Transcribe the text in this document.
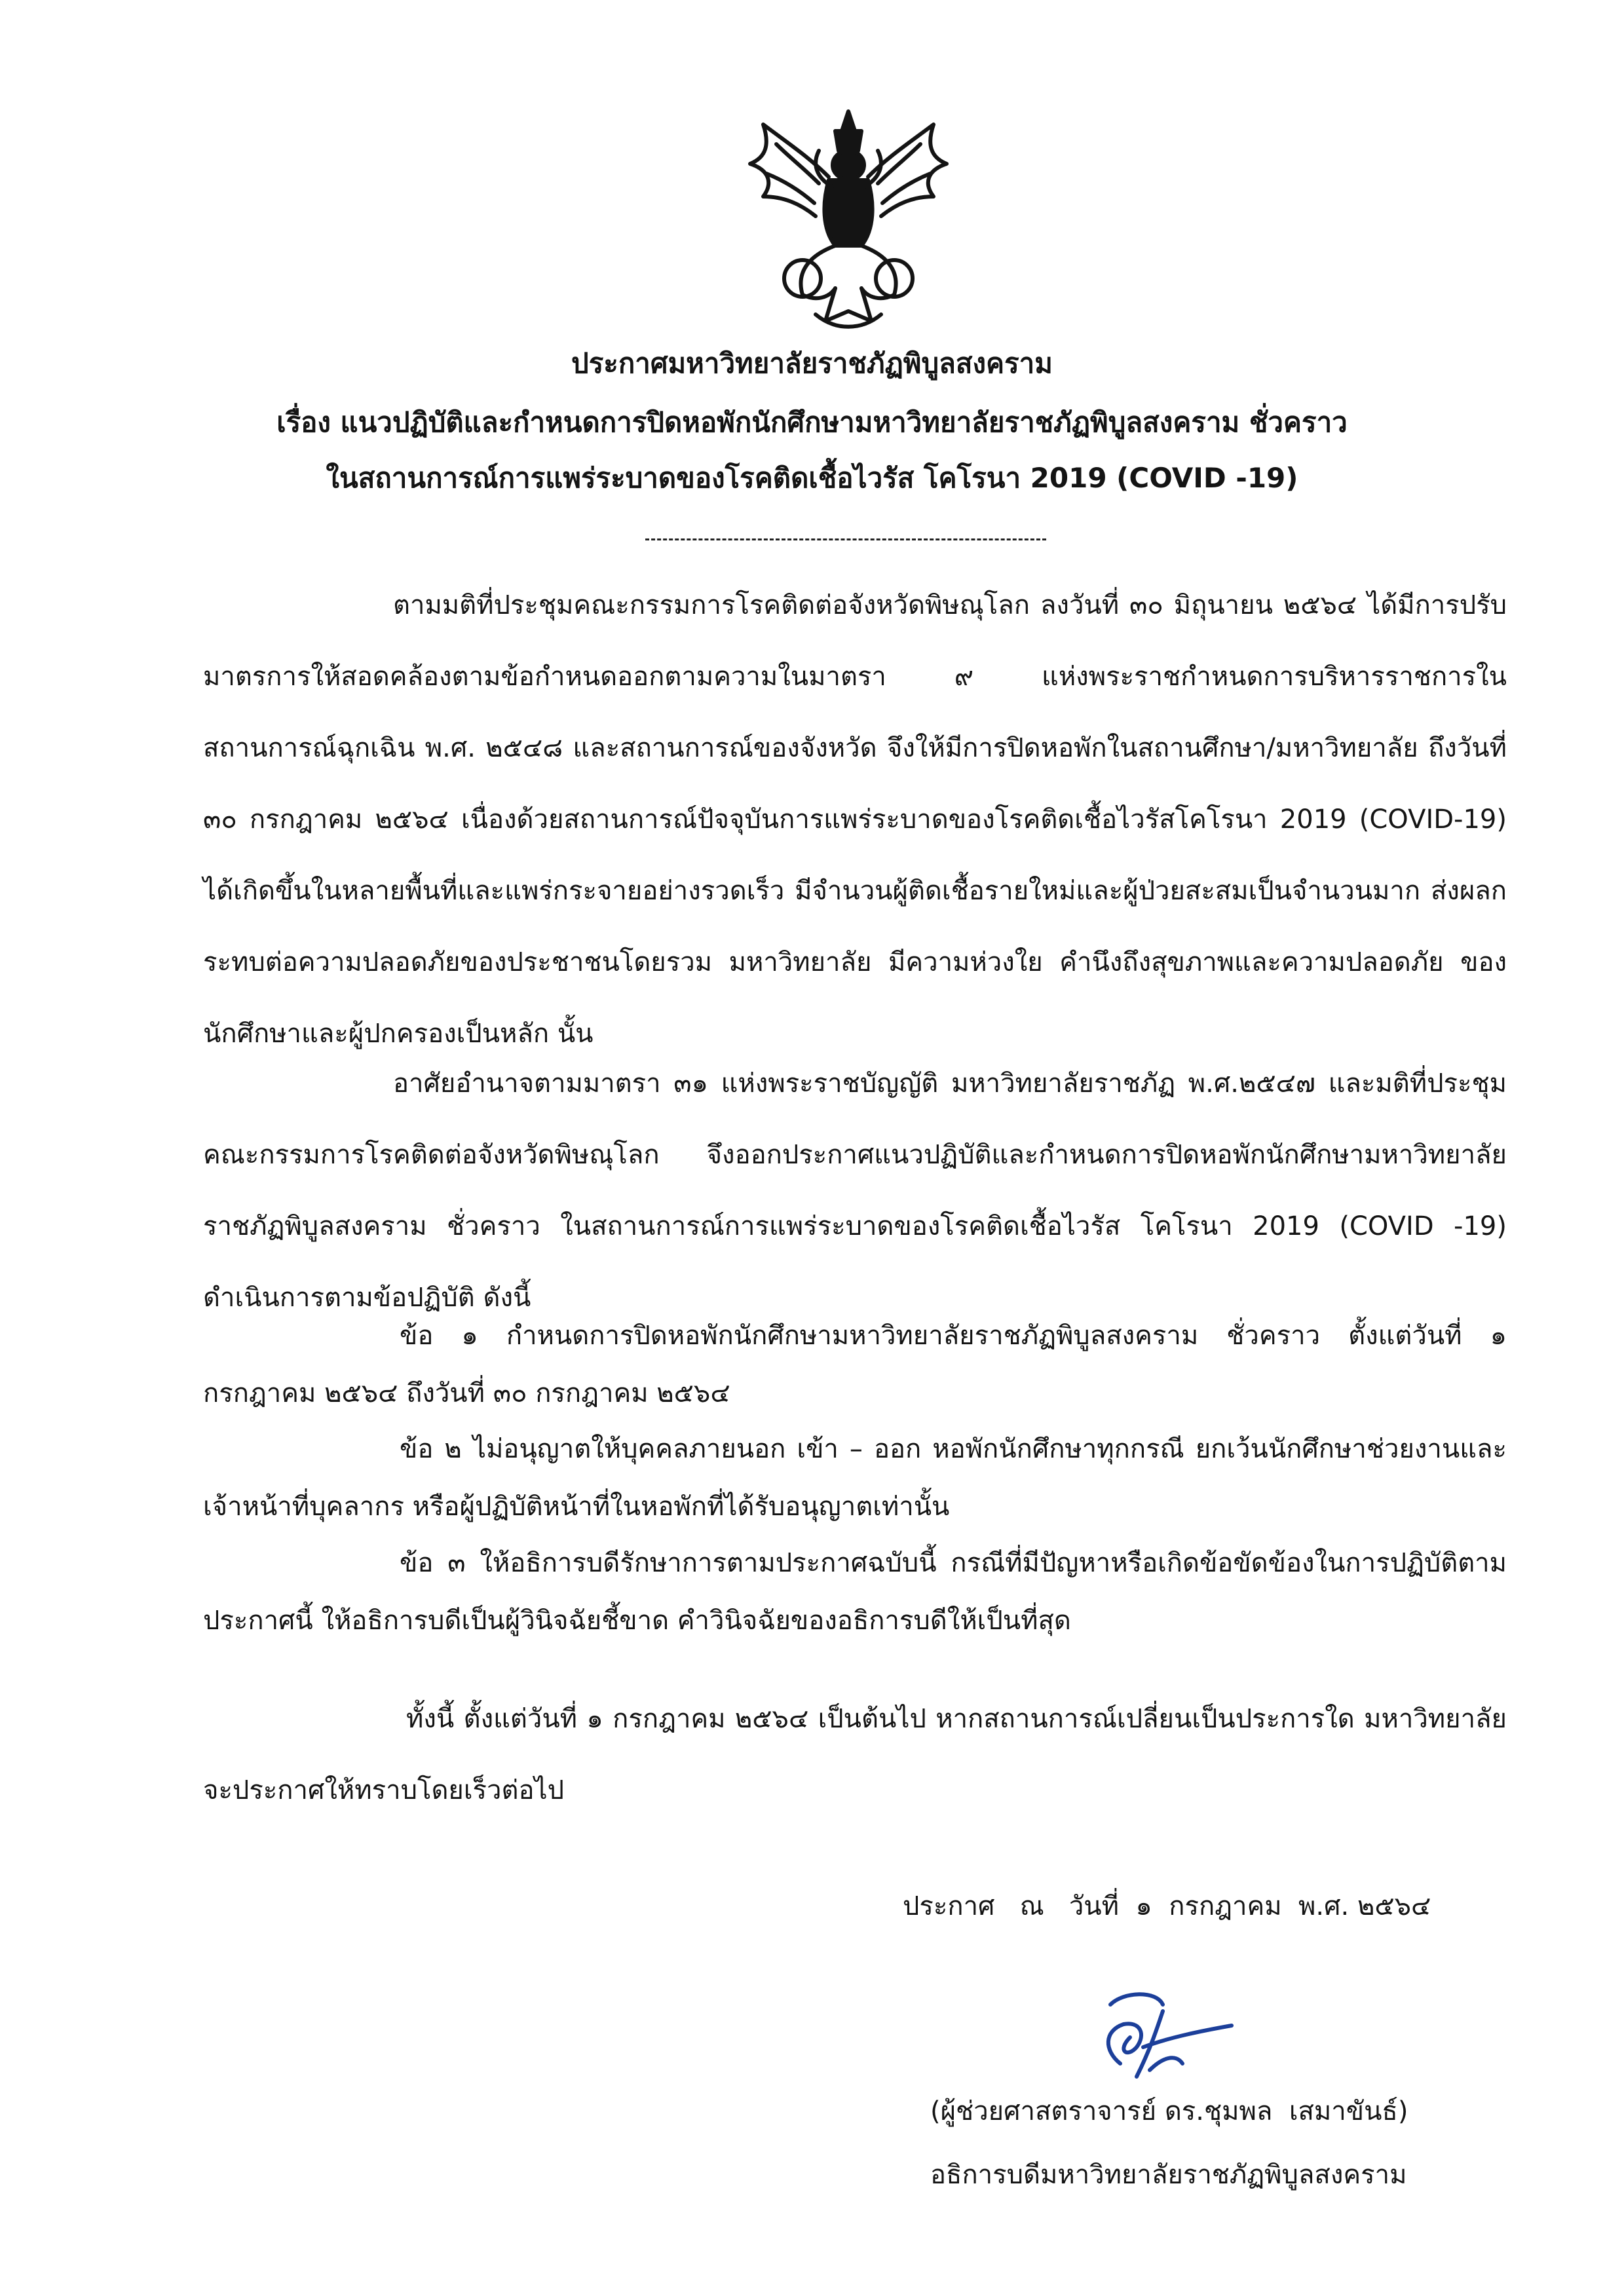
ประกาศมหาวิทยาลัยราชภัฏพิบูลสงคราม
เรื่อง แนวปฏิบัติและกำหนดการปิดหอพักนักศึกษามหาวิทยาลัยราชภัฏพิบูลสงคราม ชั่วคราว
ในสถานการณ์การแพร่ระบาดของโรคติดเชื้อไวรัส โคโรนา 2019 (COVID -19)
ตามมติที่ประชุมคณะกรรมการโรคติดต่อจังหวัดพิษณุโลก ลงวันที่ ๓๐ มิถุนายน ๒๕๖๔ ได้มีการปรับมาตรการให้สอดคล้องตามข้อกำหนดออกตามความในมาตรา ๙ แห่งพระราชกำหนดการบริหารราชการในสถานการณ์ฉุกเฉิน พ.ศ. ๒๕๔๘ และสถานการณ์ของจังหวัด จึงให้มีการปิดหอพักในสถานศึกษา/มหาวิทยาลัย ถึงวันที่ ๓๐ กรกฎาคม ๒๕๖๔ เนื่องด้วยสถานการณ์ปัจจุบันการแพร่ระบาดของโรคติดเชื้อไวรัสโคโรนา 2019 (COVID-19) ได้เกิดขึ้นในหลายพื้นที่และแพร่กระจายอย่างรวดเร็ว มีจำนวนผู้ติดเชื้อรายใหม่และผู้ป่วยสะสมเป็นจำนวนมาก ส่งผลกระทบต่อความปลอดภัยของประชาชนโดยรวม มหาวิทยาลัย มีความห่วงใย คำนึงถึงสุขภาพและความปลอดภัย ของนักศึกษาและผู้ปกครองเป็นหลัก นั้น
อาศัยอำนาจตามมาตรา ๓๑ แห่งพระราชบัญญัติ มหาวิทยาลัยราชภัฏ พ.ศ.๒๕๔๗ และมติที่ประชุมคณะกรรมการโรคติดต่อจังหวัดพิษณุโลก จึงออกประกาศแนวปฏิบัติและกำหนดการปิดหอพักนักศึกษามหาวิทยาลัยราชภัฏพิบูลสงคราม ชั่วคราว ในสถานการณ์การแพร่ระบาดของโรคติดเชื้อไวรัส โคโรนา 2019 (COVID -19) ดำเนินการตามข้อปฏิบัติ ดังนี้
ข้อ ๑ กำหนดการปิดหอพักนักศึกษามหาวิทยาลัยราชภัฏพิบูลสงคราม ชั่วคราว ตั้งแต่วันที่ ๑ กรกฎาคม ๒๕๖๔ ถึงวันที่ ๓๐ กรกฎาคม ๒๕๖๔
ข้อ ๒ ไม่อนุญาตให้บุคคลภายนอก เข้า – ออก หอพักนักศึกษาทุกกรณี ยกเว้นนักศึกษาช่วยงานและเจ้าหน้าที่บุคลากร หรือผู้ปฏิบัติหน้าที่ในหอพักที่ได้รับอนุญาตเท่านั้น
ข้อ ๓ ให้อธิการบดีรักษาการตามประกาศฉบับนี้ กรณีที่มีปัญหาหรือเกิดข้อขัดข้องในการปฏิบัติตามประกาศนี้ ให้อธิการบดีเป็นผู้วินิจฉัยชี้ขาด คำวินิจฉัยของอธิการบดีให้เป็นที่สุด
ทั้งนี้ ตั้งแต่วันที่ ๑ กรกฎาคม ๒๕๖๔ เป็นต้นไป หากสถานการณ์เปลี่ยนเป็นประการใด มหาวิทยาลัยจะประกาศให้ทราบโดยเร็วต่อไป
ประกาศ   ณ   วันที่  ๑  กรกฎาคม  พ.ศ. ๒๕๖๔
(ผู้ช่วยศาสตราจารย์ ดร.ชุมพล  เสมาขันธ์)
อธิการบดีมหาวิทยาลัยราชภัฏพิบูลสงคราม
